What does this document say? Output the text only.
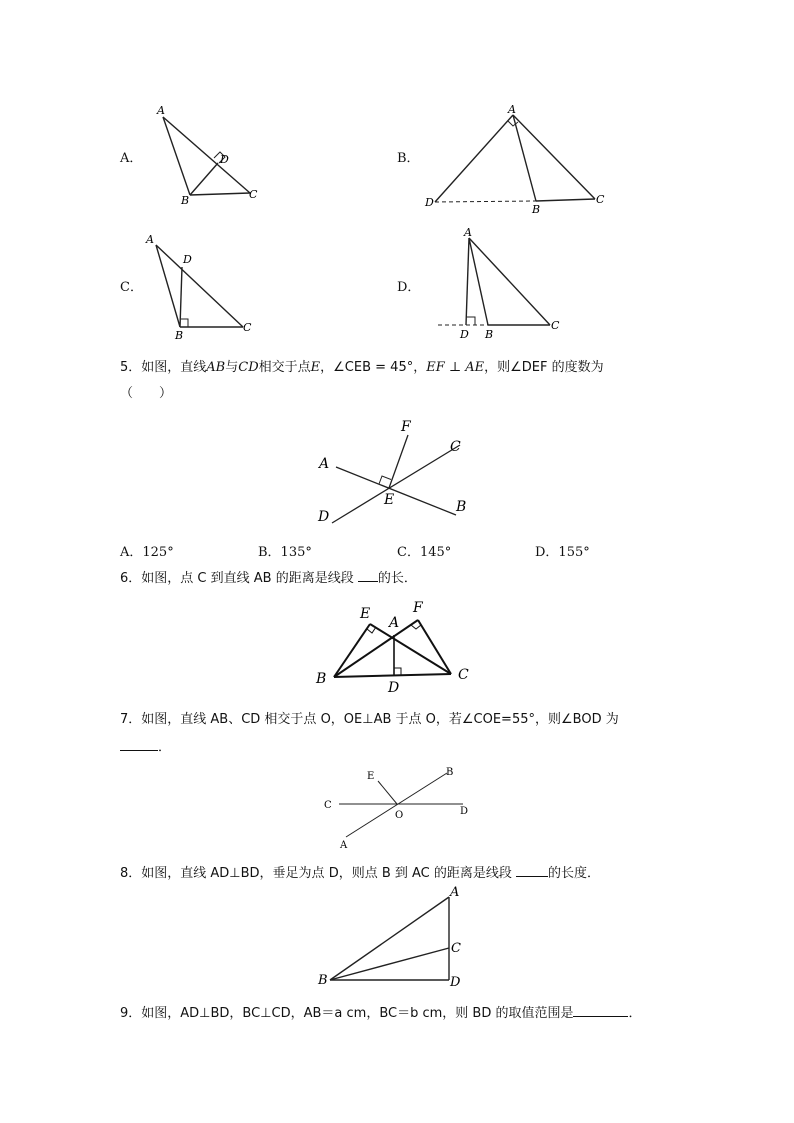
A．
A
D
B	C
B．
A
D
B
C
C．
A
D
B
C
D．
A
D B
C
5．如图，直线AB与CD相交于点E，∠CEB = 45°，EF ⊥ AE，则∠DEF 的度数为
（　　）
F
C
A
E	B
D
A．125°	B．135°	C．145°	D．155°
6．如图，点 C 到直线 AB 的距离是线段 的长．
E	F
A
B	C
D
7．如图，直线 AB、CD 相交于点 O，OE⊥AB 于点 O，若∠COE=55°，则∠BOD 为
．
E	B
C
O	D
A
8．如图，直线 AD⊥BD，垂足为点 D，则点 B 到 AC 的距离是线段	的长度．
A
C
B	D
9．如图，AD⊥BD，BC⊥CD，AB＝a cm，BC＝b cm，则 BD 的取值范围是	．
